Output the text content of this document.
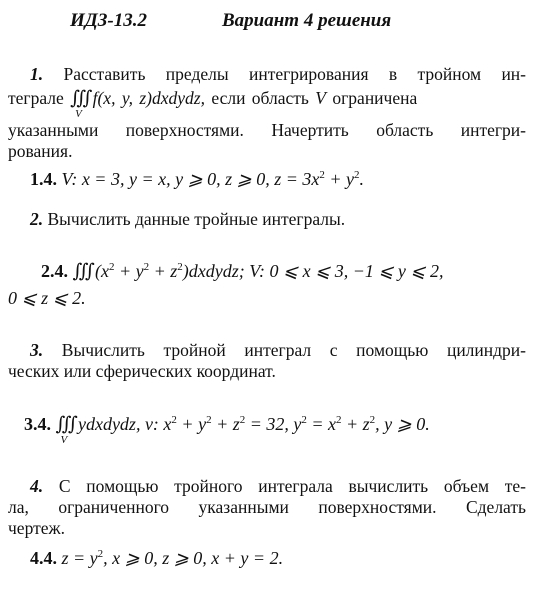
ИДЗ-13.2	Вариант 4 решения
1. Расставить пределы интегрирования в тройном ин-
теграле ∭
V
f(x, y, z)dxdydz, если область V ограничена
указанными поверхностями. Начертить область интегри-
рования.
1.4. V: x = 3, y = x, y ⩾ 0, z ⩾ 0, $z = 3x^2 + y^2$.
2. Вычислить данные тройные интегралы.
2.4. ∭ ($x^2 + y^2$ + $z^2)dxdydz$; V: 0 ⩽ x ⩽ 3, −1 ⩽ y ⩽ 2,
0 ⩽ z ⩽ 2.
3. Вычислить тройной интеграл с помощью цилиндри-
ческих или сферических координат.
3.4. ∭
V
ydxdydz, v: $x^2 + y^2 + z^2 = 32$, $y^2 = x^2 + z^2$, y ⩾ 0.
4. С помощью тройного интеграла вычислить объем те-
ла, ограниченного указанными поверхностями. Сделать
чертеж.
4.4. $z = y^2$, x ⩾ 0, z ⩾ 0, x + y = 2.
